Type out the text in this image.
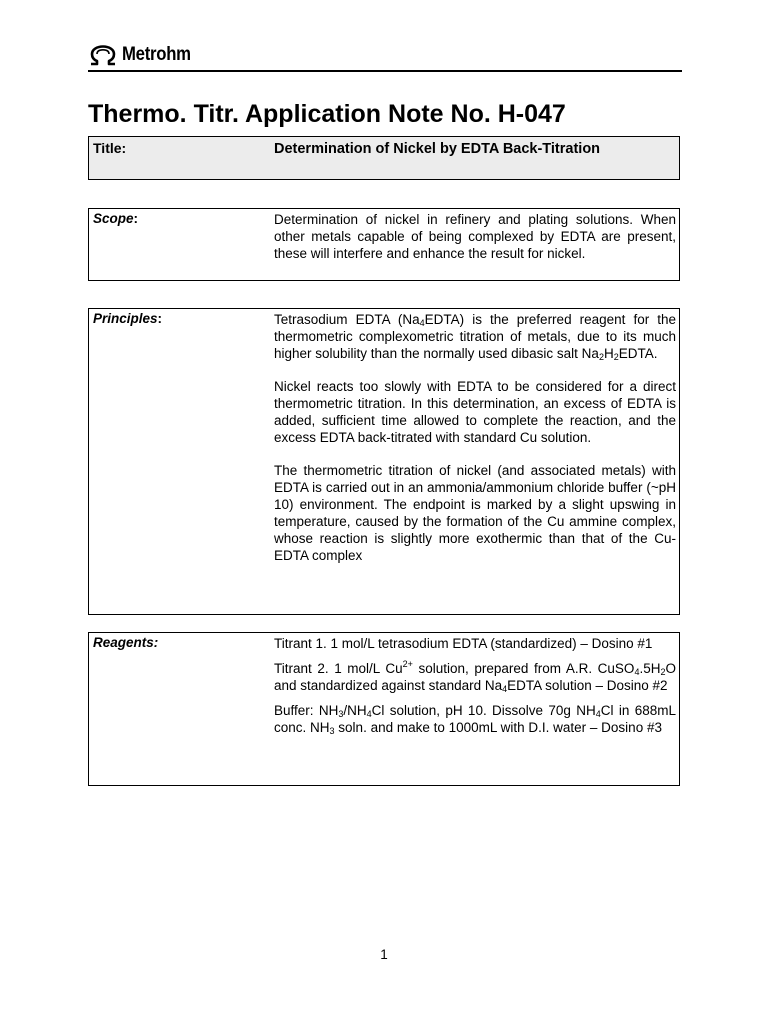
Metrohm
Thermo. Titr. Application Note No. H-047
Title:	Determination of Nickel by EDTA Back-Titration
Scope:	Determination of nickel in refinery and plating solutions. When other metals capable of being complexed by EDTA are present, these will interfere and enhance the result for nickel.
Principles:	Tetrasodium EDTA $(Na_4EDTA)$ is the preferred reagent for the thermometric complexometric titration of metals, due to its much higher solubility than the normally used dibasic salt $Na_2H_2EDTA$.

Nickel reacts too slowly with EDTA to be considered for a direct thermometric titration. In this determination, an excess of EDTA is added, sufficient time allowed to complete the reaction, and the excess EDTA back-titrated with standard Cu solution.

The thermometric titration of nickel (and associated metals) with EDTA is carried out in an ammonia/ammonium chloride buffer (~pH 10) environment. The endpoint is marked by a slight upswing in temperature, caused by the formation of the Cu ammine complex, whose reaction is slightly more exothermic than that of the Cu-EDTA complex

Reagents:	Titrant 1. 1 mol/L tetrasodium EDTA (standardized) – Dosino #1

Titrant 2. 1 mol/L $Cu^{2+}$ solution, prepared from A.R. $CuSO_4.5H_2O$ and standardized against standard $Na_4EDTA$ solution – Dosino #2

Buffer: $NH_3/NH_4Cl$ solution, pH 10. Dissolve 70g $NH_4Cl$ in 688mL conc. $NH_3$ soln. and make to 1000mL with D.I. water – Dosino #3

1
